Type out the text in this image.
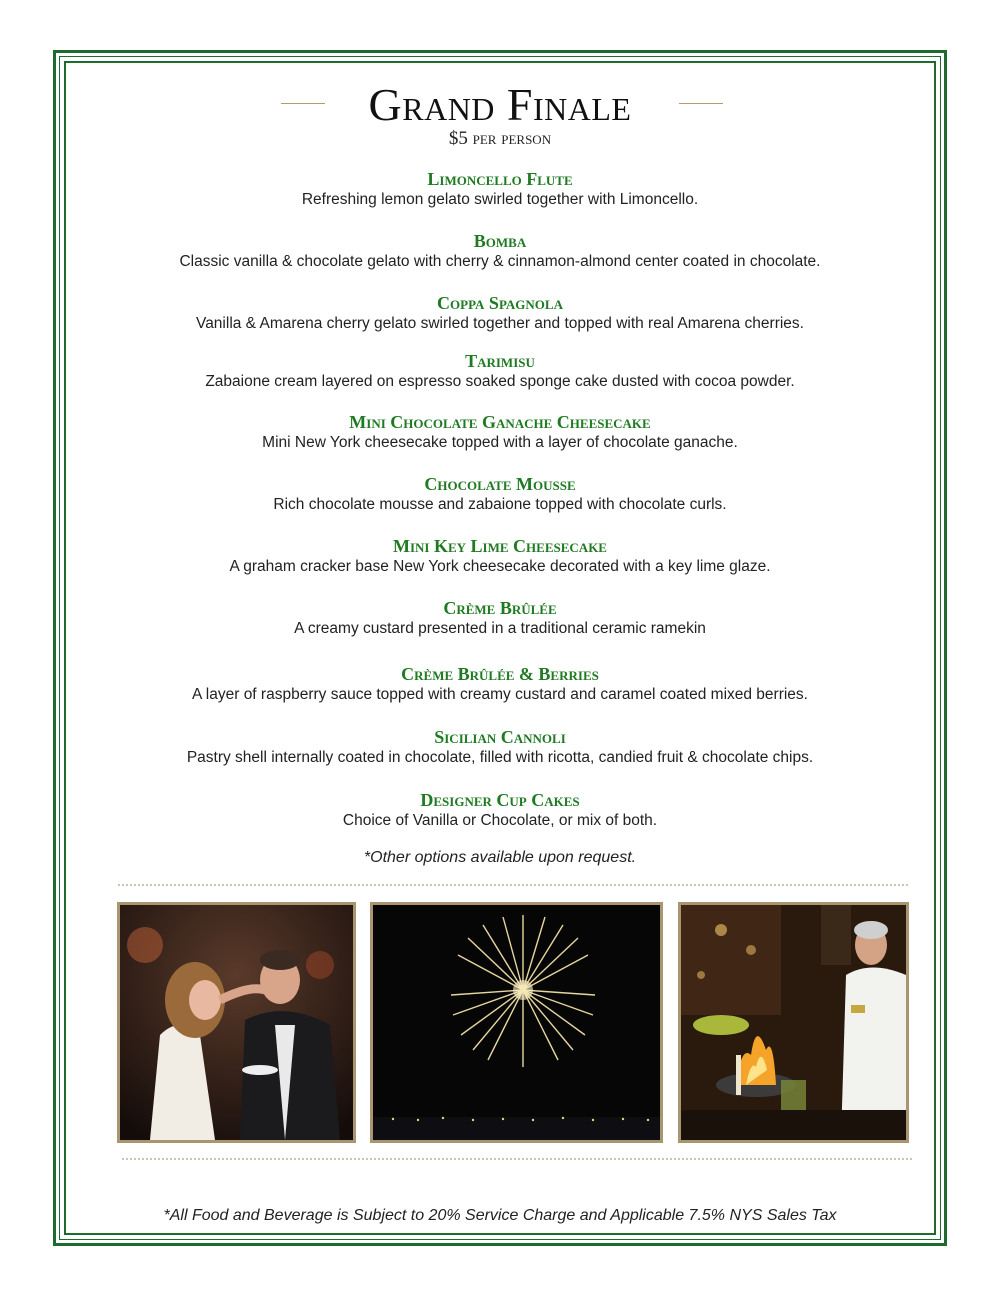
Grand Finale
$5 per person
Limoncello Flute
Refreshing lemon gelato swirled together with Limoncello.
Bomba
Classic vanilla & chocolate gelato with cherry & cinnamon-almond center coated in chocolate.
Coppa Spagnola
Vanilla & Amarena cherry gelato swirled together and topped with real Amarena cherries.
Tarimisu
Zabaione cream layered on espresso soaked sponge cake dusted with cocoa powder.
Mini Chocolate Ganache Cheesecake
Mini New York cheesecake topped with a layer of chocolate ganache.
Chocolate Mousse
Rich chocolate mousse and zabaione topped with chocolate curls.
Mini Key Lime Cheesecake
A graham cracker base New York cheesecake decorated with a key lime glaze.
Crème Brûlée
A creamy custard presented in a traditional ceramic ramekin
Crème Brûlée & Berries
A layer of raspberry sauce topped with creamy custard and caramel coated mixed berries.
Sicilian Cannoli
Pastry shell internally coated in chocolate, filled with ricotta, candied fruit & chocolate chips.
Designer Cup Cakes
Choice of Vanilla or Chocolate, or mix of both.
*Other options available upon request.
*All Food and Beverage is Subject to 20% Service Charge and Applicable 7.5% NYS Sales Tax
